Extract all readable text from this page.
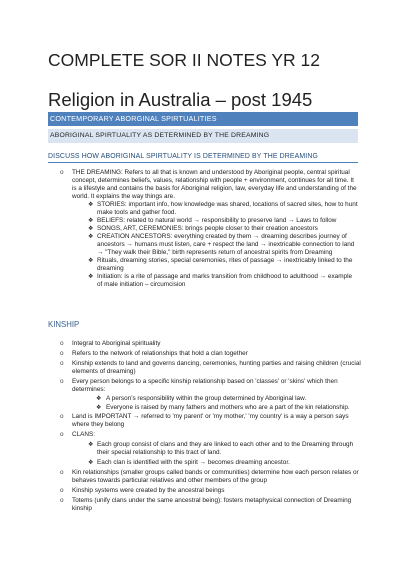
COMPLETE SOR II NOTES YR 12
Religion in Australia – post 1945
CONTEMPORARY ABORGINAL SPIRTUALITIES
ABORIGINAL SPIRTUALITY AS DETERMINED BY THE DREAMING
DISCUSS HOW ABORIGINAL SPIRTUALITY IS DETERMINED BY THE DREAMING
o THE DREAMING: Refers to all that is known and understood by Aboriginal people, central spiritual
concept, determines beliefs, values, relationship with people + environment, continues for all time. It
is a lifestyle and contains the basis for Aboriginal religion, law, everyday life and understanding of the
world. It explains the way things are.
❖ STORIES: important info, how knowledge was shared, locations of sacred sites, how to hunt
make tools and gather food.
❖ BELIEFS: related to natural world → responsibility to preserve land → Laws to follow
❖ SONGS, ART, CEREMONIES: brings people closer to their creation ancestors
❖ CREATION ANCESTORS: everything created by them → dreaming describes journey of
ancestors → humans must listen, care + respect the land → inextricable connection to land
→ "They walk their Bible," birth represents return of ancestral spirits from Dreaming
❖ Rituals, dreaming stories, special ceremonies, rites of passage → inextricably linked to the
dreaming
❖ Initiation: is a rite of passage and marks transition from childhood to adulthood → example
of male initiation – circumcision
KINSHIP
o Integral to Aboriginal spirituality
o Refers to the network of relationships that hold a clan together
o Kinship extends to land and governs dancing, ceremonies, hunting parties and raising children (crucial
elements of dreaming)
o Every person belongs to a specific kinship relationship based on 'classes' or 'skins' which then
determines:
❖ A person's responsibility within the group determined by Aboriginal law.
❖ Everyone is raised by many fathers and mothers who are a part of the kin relationship.
o Land is IMPORTANT → referred to 'my parent' or 'my mother,' 'my country' is a way a person says
where they belong
o CLANS:
❖ Each group consist of clans and they are linked to each other and to the Dreaming through
their special relationship to this tract of land.
❖ Each clan is identified with the spirit → becomes dreaming ancestor.
o Kin relationships (smaller groups called bands or communities) determine how each person relates or
behaves towards particular relatives and other members of the group
o Kinship systems were created by the ancestral beings
o Totems (unify clans under the same ancestral being): fosters metaphysical connection of Dreaming
kinship
